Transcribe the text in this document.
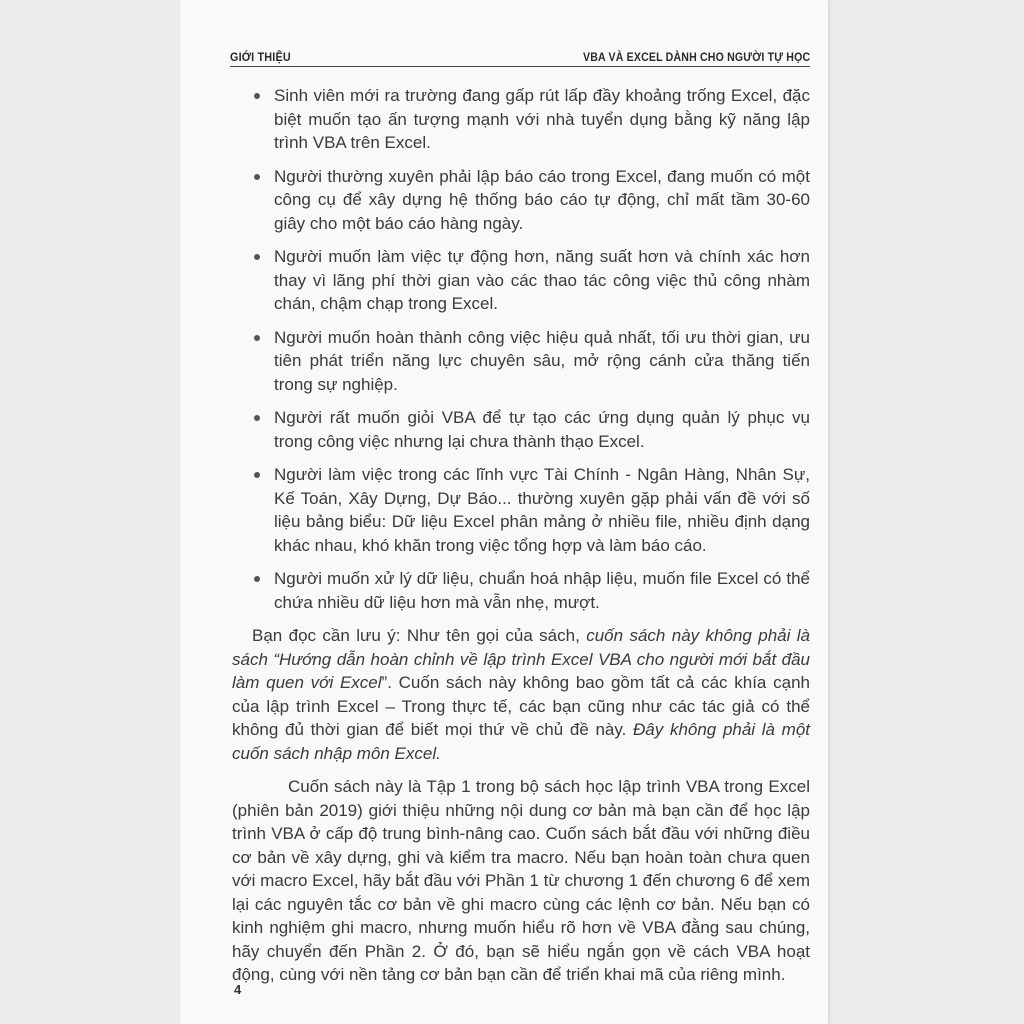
GIỚI THIỆU	VBA VÀ EXCEL DÀNH CHO NGƯỜI TỰ HỌC
Sinh viên mới ra trường đang gấp rút lấp đầy khoảng trống Excel, đặc biệt muốn tạo ấn tượng mạnh với nhà tuyển dụng bằng kỹ năng lập trình VBA trên Excel.
Người thường xuyên phải lập báo cáo trong Excel, đang muốn có một công cụ để xây dựng hệ thống báo cáo tự động, chỉ mất tầm 30-60 giây cho một báo cáo hàng ngày.
Người muốn làm việc tự động hơn, năng suất hơn và chính xác hơn thay vì lãng phí thời gian vào các thao tác công việc thủ công nhàm chán, chậm chạp trong Excel.
Người muốn hoàn thành công việc hiệu quả nhất, tối ưu thời gian, ưu tiên phát triển năng lực chuyên sâu, mở rộng cánh cửa thăng tiến trong sự nghiệp.
Người rất muốn giỏi VBA để tự tạo các ứng dụng quản lý phục vụ trong công việc nhưng lại chưa thành thạo Excel.
Người làm việc trong các lĩnh vực Tài Chính - Ngân Hàng, Nhân Sự, Kế Toán, Xây Dựng, Dự Báo... thường xuyên gặp phải vấn đề với số liệu bảng biểu: Dữ liệu Excel phân mảng ở nhiều file, nhiều định dạng khác nhau, khó khăn trong việc tổng hợp và làm báo cáo.
Người muốn xử lý dữ liệu, chuẩn hoá nhập liệu, muốn file Excel có thể chứa nhiều dữ liệu hơn mà vẫn nhẹ, mượt.

Bạn đọc cần lưu ý: Như tên gọi của sách, cuốn sách này không phải là sách “Hướng dẫn hoàn chỉnh về lập trình Excel VBA cho người mới bắt đầu làm quen với Excel”. Cuốn sách này không bao gồm tất cả các khía cạnh của lập trình Excel – Trong thực tế, các bạn cũng như các tác giả có thể không đủ thời gian để biết mọi thứ về chủ đề này. Đây không phải là một cuốn sách nhập môn Excel.

Cuốn sách này là Tập 1 trong bộ sách học lập trình VBA trong Excel (phiên bản 2019) giới thiệu những nội dung cơ bản mà bạn cần để học lập trình VBA ở cấp độ trung bình-nâng cao. Cuốn sách bắt đầu với những điều cơ bản về xây dựng, ghi và kiểm tra macro. Nếu bạn hoàn toàn chưa quen với macro Excel, hãy bắt đầu với Phần 1 từ chương 1 đến chương 6 để xem lại các nguyên tắc cơ bản về ghi macro cùng các lệnh cơ bản. Nếu bạn có kinh nghiệm ghi macro, nhưng muốn hiểu rõ hơn về VBA đằng sau chúng, hãy chuyển đến Phần 2. Ở đó, bạn sẽ hiểu ngắn gọn về cách VBA hoạt động, cùng với nền tảng cơ bản bạn cần để triển khai mã của riêng mình.

4
